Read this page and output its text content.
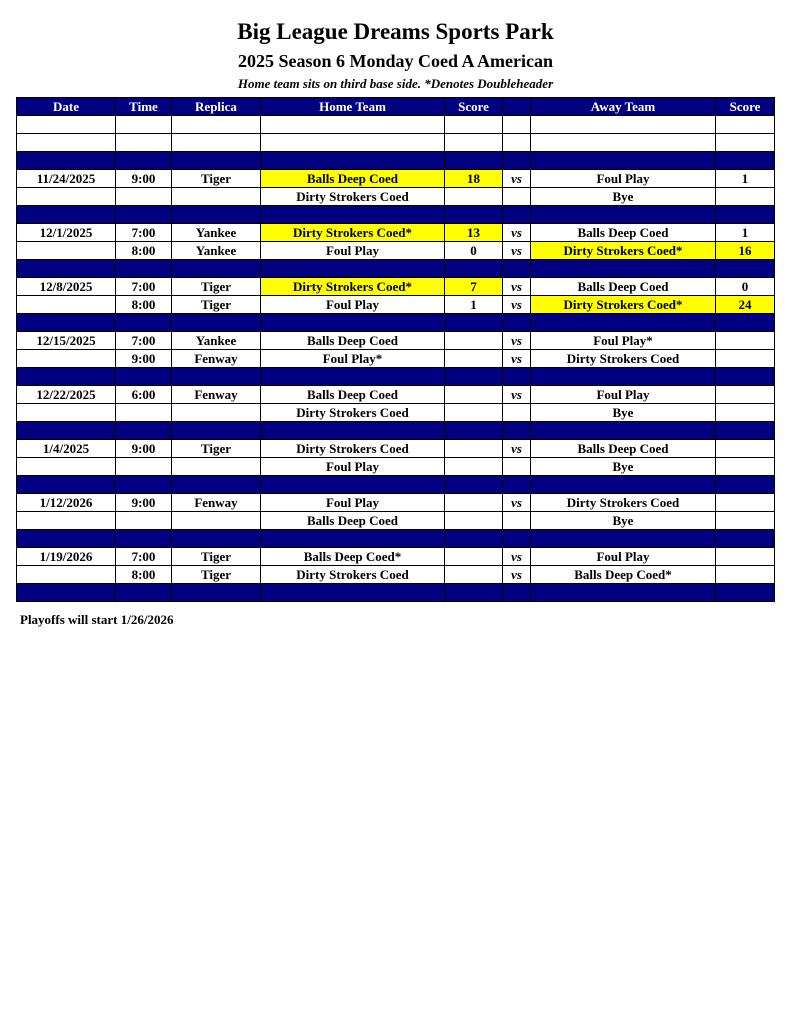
Big League Dreams Sports Park
2025 Season 6 Monday Coed A American
Home team sits on third base side. *Denotes Doubleheader
Date	Time	Replica	Home Team	Score		Away Team	Score

11/24/2025	9:00	Tiger	Balls Deep Coed	18	vs	Foul Play	1
			Dirty Strokers Coed			Bye	

12/1/2025	7:00	Yankee	Dirty Strokers Coed*	13	vs	Balls Deep Coed	1
	8:00	Yankee	Foul Play	0	vs	Dirty Strokers Coed*	16

12/8/2025	7:00	Tiger	Dirty Strokers Coed*	7	vs	Balls Deep Coed	0
	8:00	Tiger	Foul Play	1	vs	Dirty Strokers Coed*	24

12/15/2025	7:00	Yankee	Balls Deep Coed		vs	Foul Play*	
	9:00	Fenway	Foul Play*		vs	Dirty Strokers Coed	

12/22/2025	6:00	Fenway	Balls Deep Coed		vs	Foul Play	
			Dirty Strokers Coed			Bye	

1/4/2025	9:00	Tiger	Dirty Strokers Coed		vs	Balls Deep Coed	
			Foul Play			Bye	

1/12/2026	9:00	Fenway	Foul Play		vs	Dirty Strokers Coed	
			Balls Deep Coed			Bye	

1/19/2026	7:00	Tiger	Balls Deep Coed*		vs	Foul Play	
	8:00	Tiger	Dirty Strokers Coed		vs	Balls Deep Coed*	

Playoffs will start 1/26/2026
